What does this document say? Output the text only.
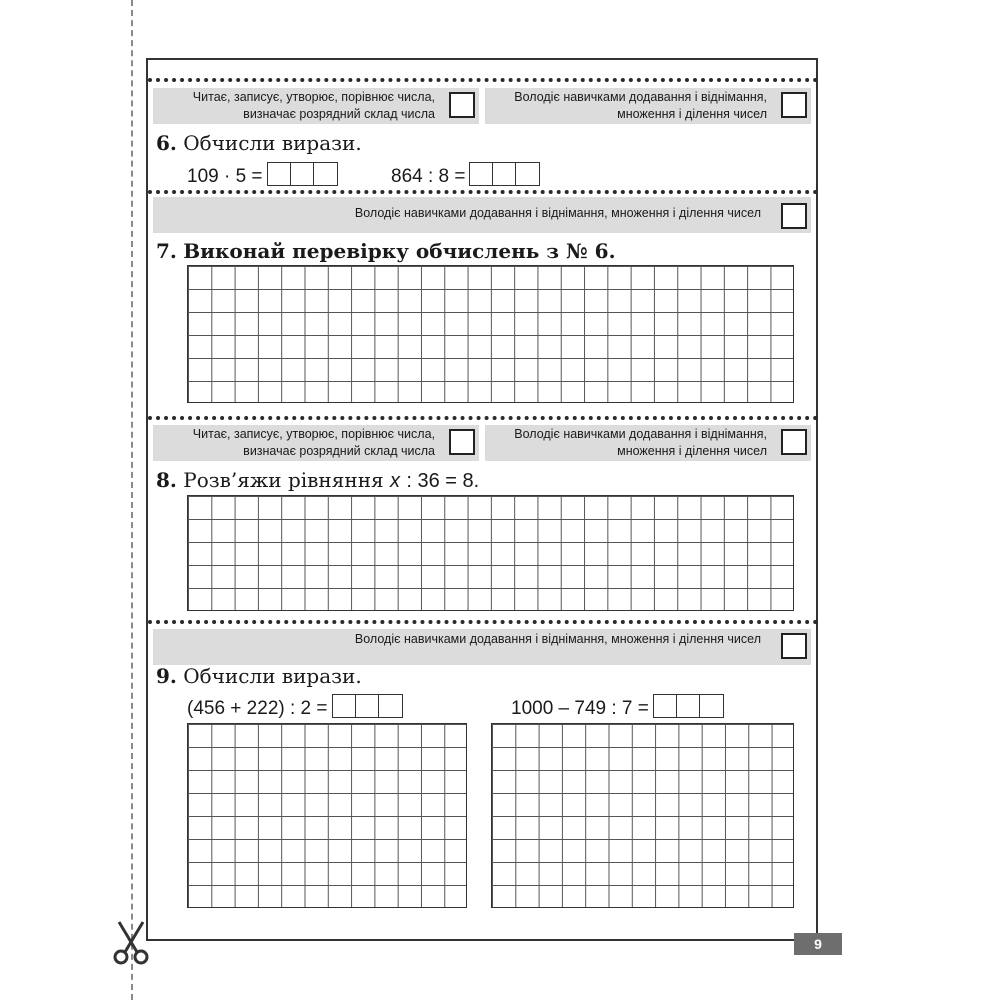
Читає, записує, утворює, порівнює числа,
визначає розрядний склад числа
Володіє навичками додавання і віднімання,
множення і ділення чисел
6. Обчисли вирази.
109 · 5 =	864 : 8 =
Володіє навичками додавання і віднімання, множення і ділення чисел
7. Виконай перевірку обчислень з № 6.
Читає, записує, утворює, порівнює числа,
визначає розрядний склад числа
Володіє навичками додавання і віднімання,
множення і ділення чисел
8. Розв’яжи рівняння x : 36 = 8.
Володіє навичками додавання і віднімання, множення і ділення чисел
9. Обчисли вирази.
(456 + 222) : 2 =	1000 – 749 : 7 =
9
